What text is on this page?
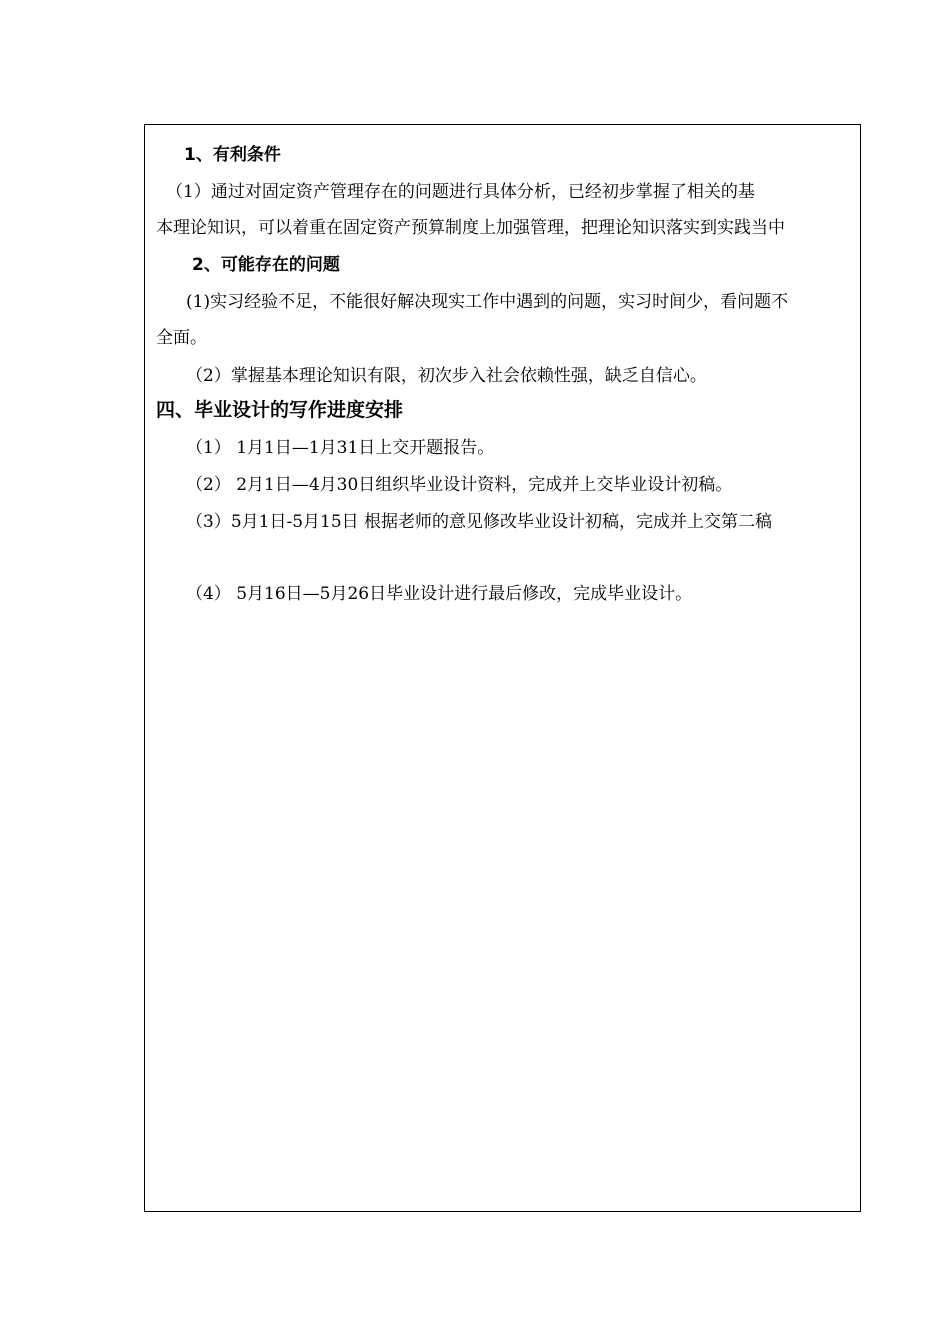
1、有利条件
（1）通过对固定资产管理存在的问题进行具体分析，已经初步掌握了相关的基
本理论知识，可以着重在固定资产预算制度上加强管理，把理论知识落实到实践当中
2、可能存在的问题
(1)实习经验不足，不能很好解决现实工作中遇到的问题，实习时间少，看问题不
全面。
（2）掌握基本理论知识有限，初次步入社会依赖性强，缺乏自信心。
四、毕业设计的写作进度安排
（1） 1月1日—1月31日上交开题报告。
（2） 2月1日—4月30日组织毕业设计资料，完成并上交毕业设计初稿。
（3）5月1日-5月15日 根据老师的意见修改毕业设计初稿，完成并上交第二稿
（4） 5月16日—5月26日毕业设计进行最后修改，完成毕业设计。
